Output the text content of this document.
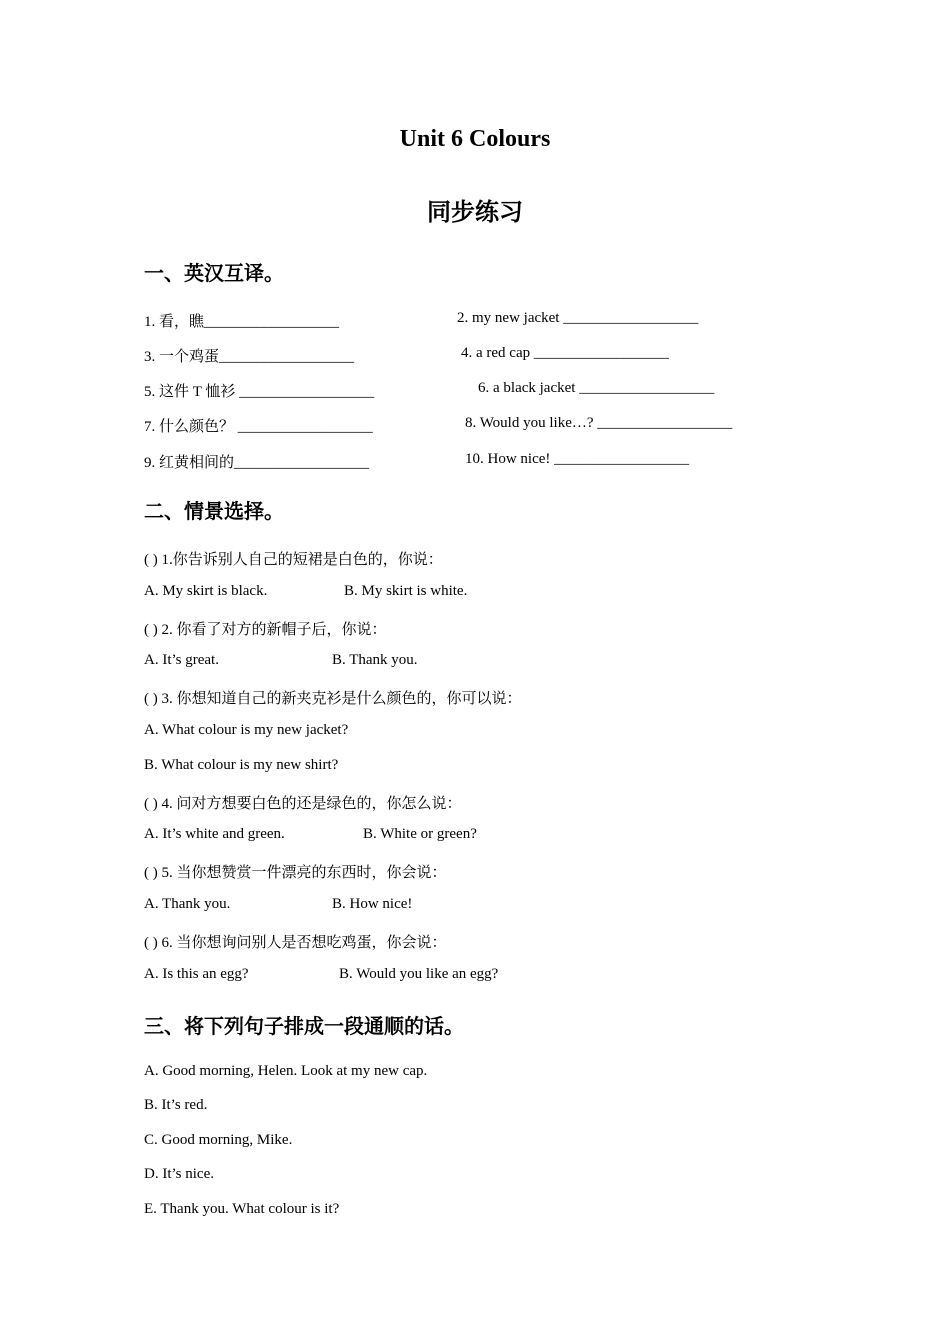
Unit 6 Colours
同步练习
一、英汉互译。
1. 看，瞧__________________	2. my new jacket __________________
3. 一个鸡蛋__________________	4. a red cap __________________
5. 这件 T 恤衫 __________________	6. a black jacket __________________
7. 什么颜色？ __________________	8. Would you like…? __________________
9. 红黄相间的__________________	10. How nice! __________________
二、情景选择。
( ) 1.你告诉别人自己的短裙是白色的，你说：
A. My skirt is black.	B. My skirt is white.
( ) 2. 你看了对方的新帽子后，你说：
A. It’s great.	B. Thank you.
( ) 3. 你想知道自己的新夹克衫是什么颜色的，你可以说：
A. What colour is my new jacket?
B. What colour is my new shirt?
( ) 4. 问对方想要白色的还是绿色的，你怎么说：
A. It’s white and green.	B. White or green?
( ) 5. 当你想赞赏一件漂亮的东西时，你会说：
A. Thank you.	B. How nice!
( ) 6. 当你想询问别人是否想吃鸡蛋，你会说：
A. Is this an egg?	B. Would you like an egg?
三、将下列句子排成一段通顺的话。
A. Good morning, Helen. Look at my new cap.
B. It’s red.
C. Good morning, Mike.
D. It’s nice.
E. Thank you. What colour is it?
